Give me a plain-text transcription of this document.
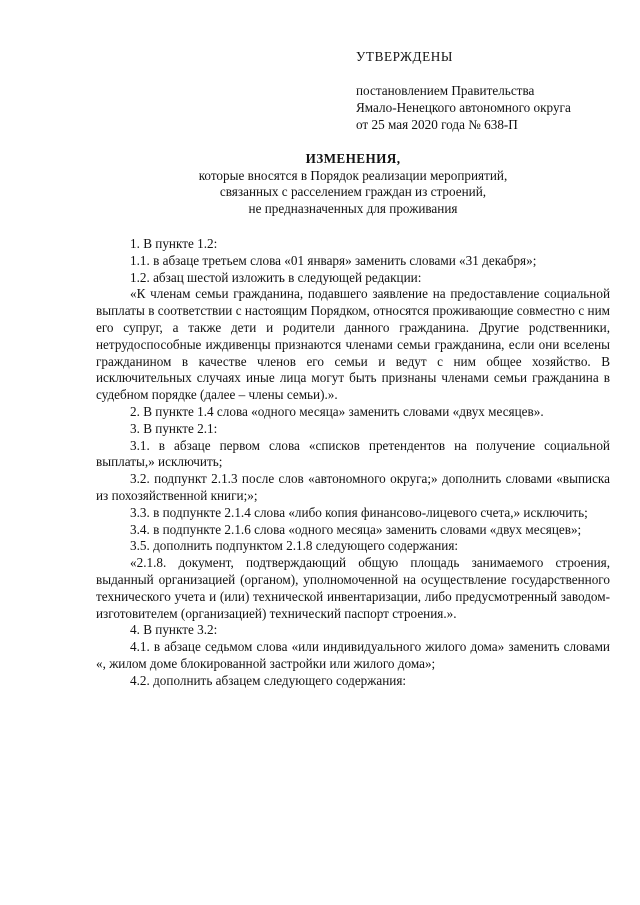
УТВЕРЖДЕНЫ
постановлением Правительства
Ямало-Ненецкого автономного округа
от 25 мая 2020 года № 638-П
ИЗМЕНЕНИЯ,
которые вносятся в Порядок реализации мероприятий,
связанных с расселением граждан из строений,
не предназначенных для проживания

1. В пункте 1.2:

1.1. в абзаце третьем слова «01 января» заменить словами «31 декабря»;

1.2. абзац шестой изложить в следующей редакции:

«К членам семьи гражданина, подавшего заявление на предоставление социальной выплаты в соответствии с настоящим Порядком, относятся проживающие совместно с ним его супруг, а также дети и родители данного гражданина. Другие родственники, нетрудоспособные иждивенцы признаются членами семьи гражданина, если они вселены гражданином в качестве членов его семьи и ведут с ним общее хозяйство. В исключительных случаях иные лица могут быть признаны членами семьи гражданина в судебном порядке (далее – члены семьи).».

2. В пункте 1.4 слова «одного месяца» заменить словами «двух месяцев».

3. В пункте 2.1:

3.1. в абзаце первом слова «списков претендентов на получение социальной выплаты,» исключить;

3.2. подпункт 2.1.3 после слов «автономного округа;» дополнить словами «выписка из похозяйственной книги;»;

3.3. в подпункте 2.1.4 слова «либо копия финансово-лицевого счета,» исключить;

3.4. в подпункте 2.1.6 слова «одного месяца» заменить словами «двух месяцев»;

3.5. дополнить подпунктом 2.1.8 следующего содержания:

«2.1.8. документ, подтверждающий общую площадь занимаемого строения, выданный организацией (органом), уполномоченной на осуществление государственного технического учета и (или) технической инвентаризации, либо предусмотренный заводом-изготовителем (организацией) технический паспорт строения.».

4. В пункте 3.2:

4.1. в абзаце седьмом слова «или индивидуального жилого дома» заменить словами «, жилом доме блокированной застройки или жилого дома»;

4.2. дополнить абзацем следующего содержания:
